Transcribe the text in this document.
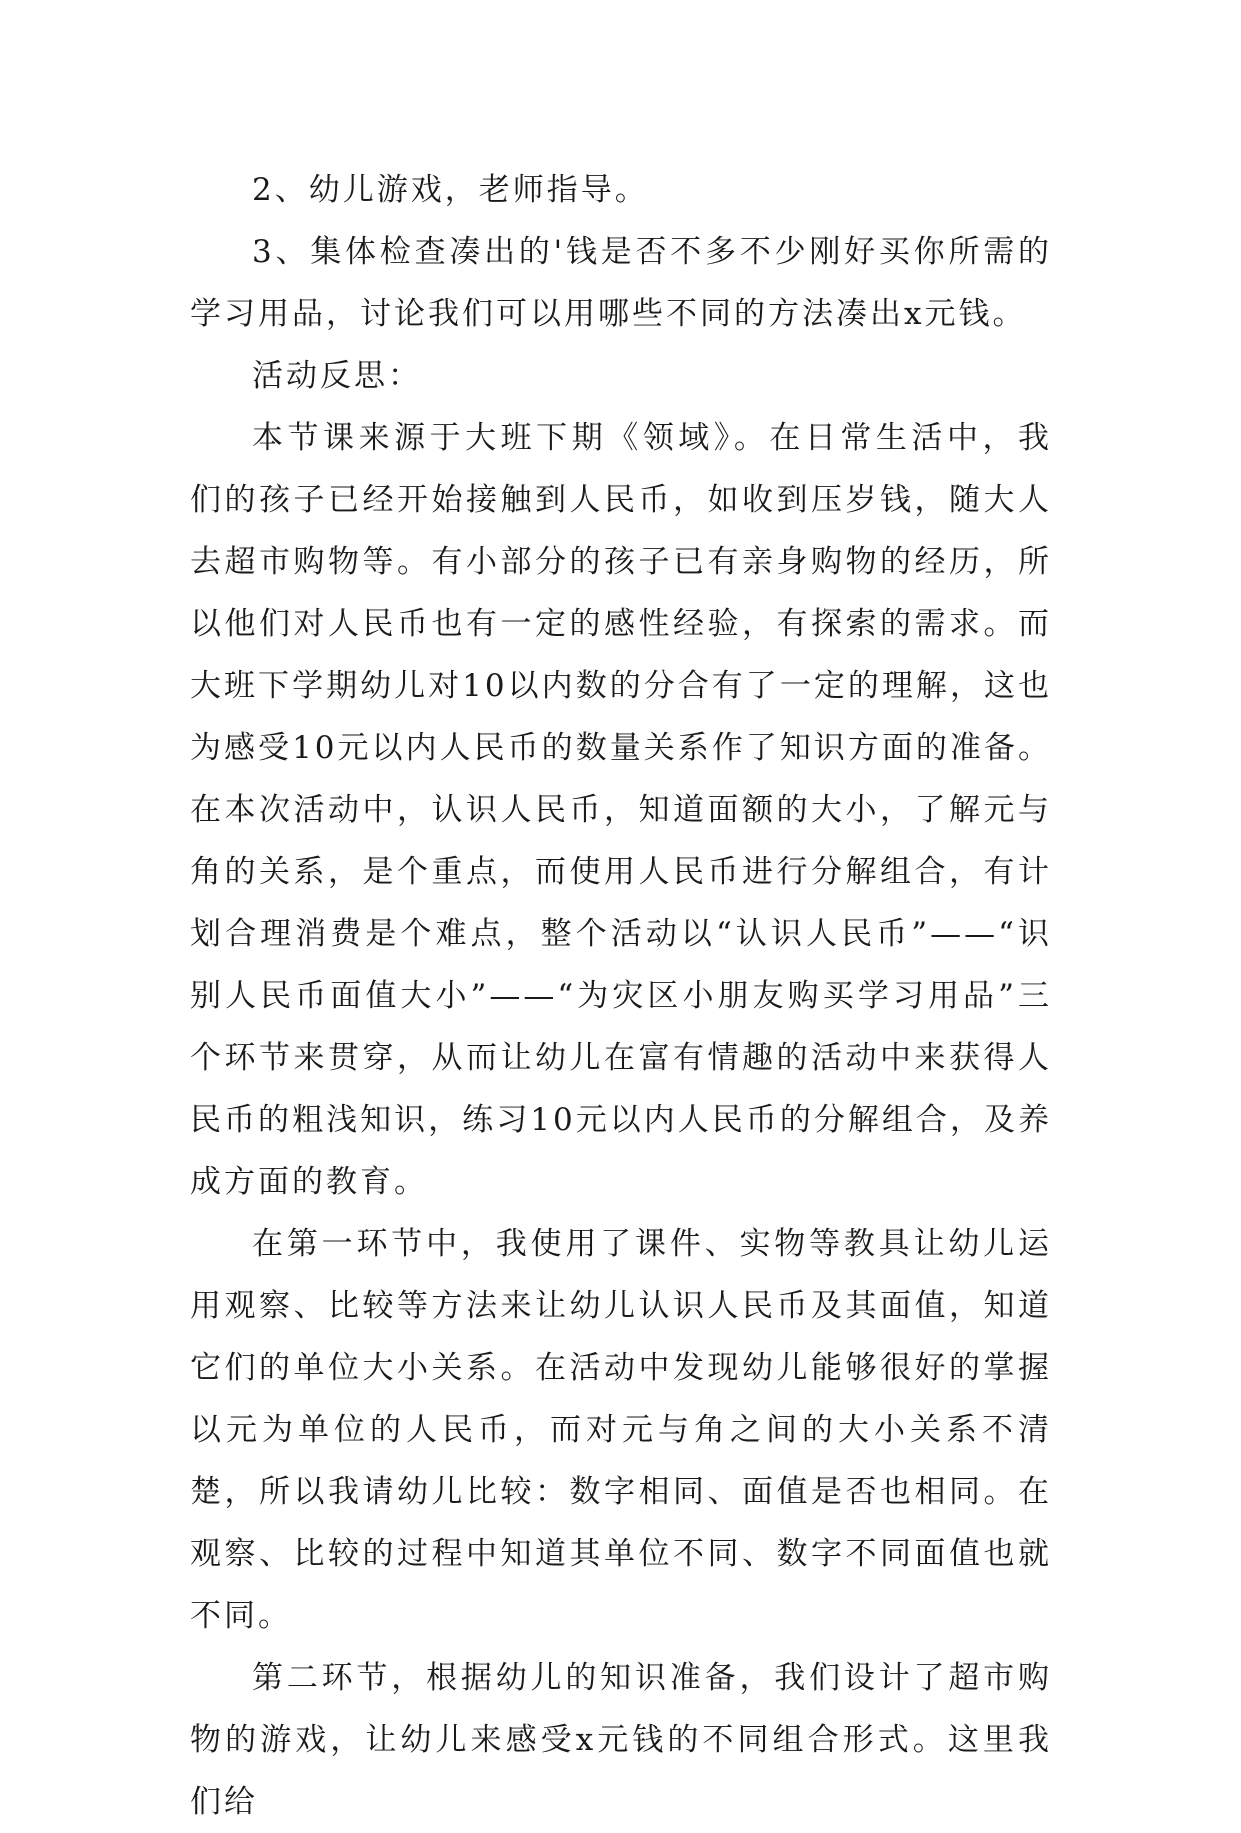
2、幼儿游戏，老师指导。

3、集体检查凑出的'钱是否不多不少刚好买你所需的学习用品，讨论我们可以用哪些不同的方法凑出x元钱。

活动反思：

本节课来源于大班下期《领域》。在日常生活中，我们的孩子已经开始接触到人民币，如收到压岁钱，随大人去超市购物等。有小部分的孩子已有亲身购物的经历，所以他们对人民币也有一定的感性经验，有探索的需求。而大班下学期幼儿对10以内数的分合有了一定的理解，这也为感受10元以内人民币的数量关系作了知识方面的准备。在本次活动中，认识人民币，知道面额的大小，了解元与角的关系，是个重点，而使用人民币进行分解组合，有计划合理消费是个难点，整个活动以“认识人民币”——“识别人民币面值大小”——“为灾区小朋友购买学习用品”三个环节来贯穿，从而让幼儿在富有情趣的活动中来获得人民币的粗浅知识，练习10元以内人民币的分解组合，及养成方面的教育。

在第一环节中，我使用了课件、实物等教具让幼儿运用观察、比较等方法来让幼儿认识人民币及其面值，知道它们的单位大小关系。在活动中发现幼儿能够很好的掌握以元为单位的人民币，而对元与角之间的大小关系不清楚，所以我请幼儿比较：数字相同、面值是否也相同。在观察、比较的过程中知道其单位不同、数字不同面值也就不同。

第二环节，根据幼儿的知识准备，我们设计了超市购物的游戏，让幼儿来感受x元钱的不同组合形式。这里我们给
